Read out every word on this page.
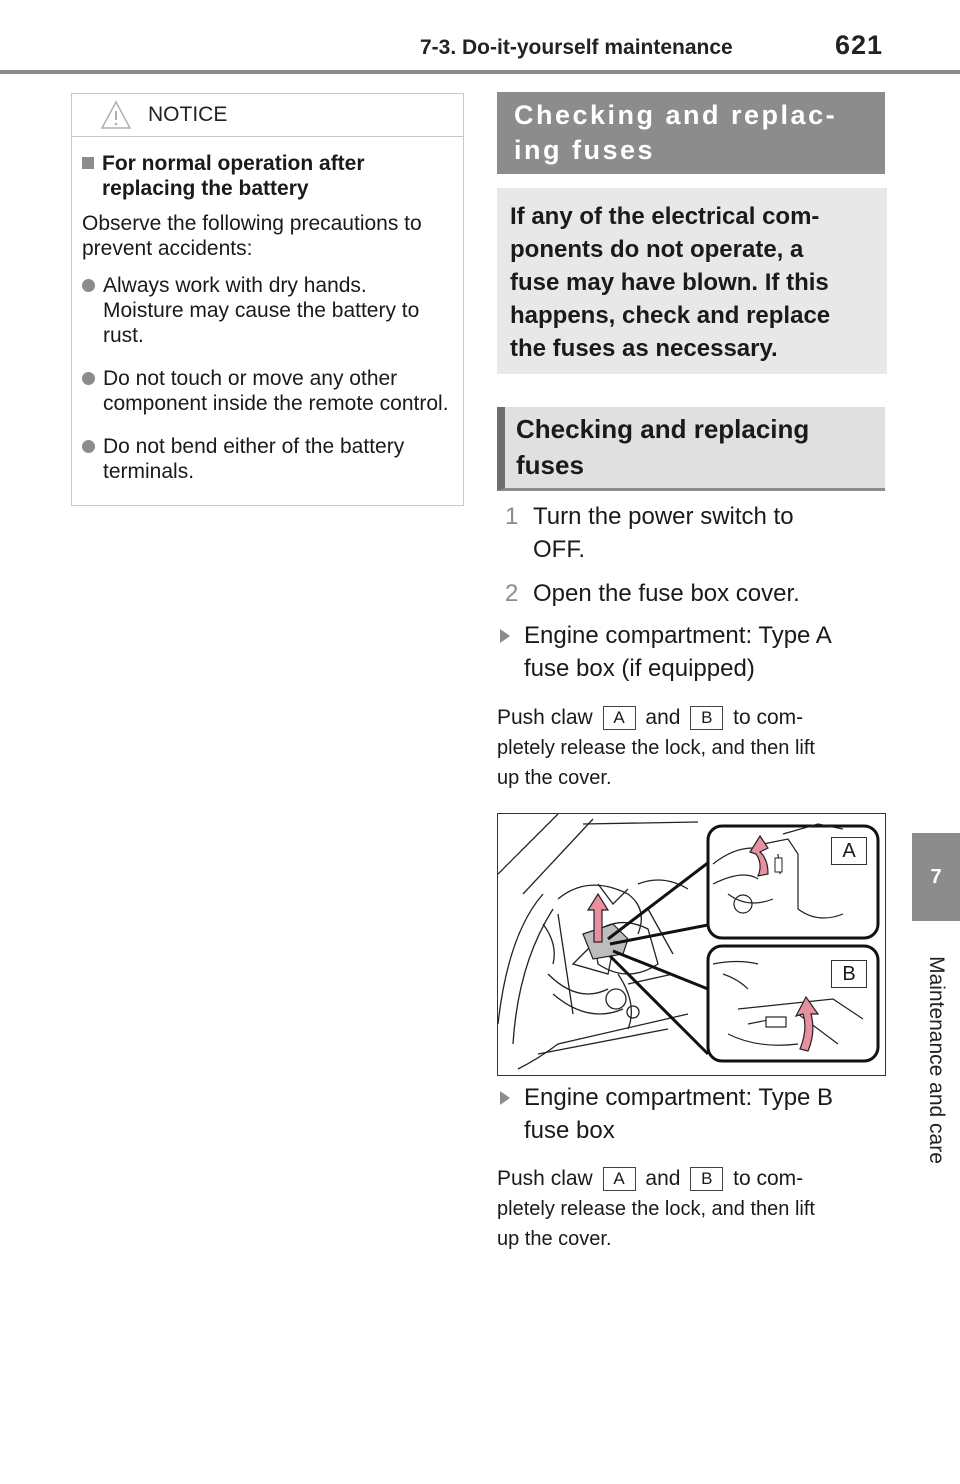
7-3. Do-it-yourself maintenance	621
7
Maintenance and care
NOTICE
For normal operation after replacing the battery
Observe the following precautions to prevent accidents:
Always work with dry hands. Moisture may cause the battery to rust.
Do not touch or move any other component inside the remote control.
Do not bend either of the battery terminals.
Checking and replac-
ing fuses
If any of the electrical com-
ponents do not operate, a
fuse may have blown. If this
happens, check and replace
the fuses as necessary.
Checking and replacing
fuses
1 Turn the power switch to
OFF.
2 Open the fuse box cover.
Engine compartment: Type A
fuse box (if equipped)
Push claw A and B to com-
pletely release the lock, and then lift
up the cover.
A
B
Engine compartment: Type B
fuse box
Push claw A and B to com-
pletely release the lock, and then lift
up the cover.
